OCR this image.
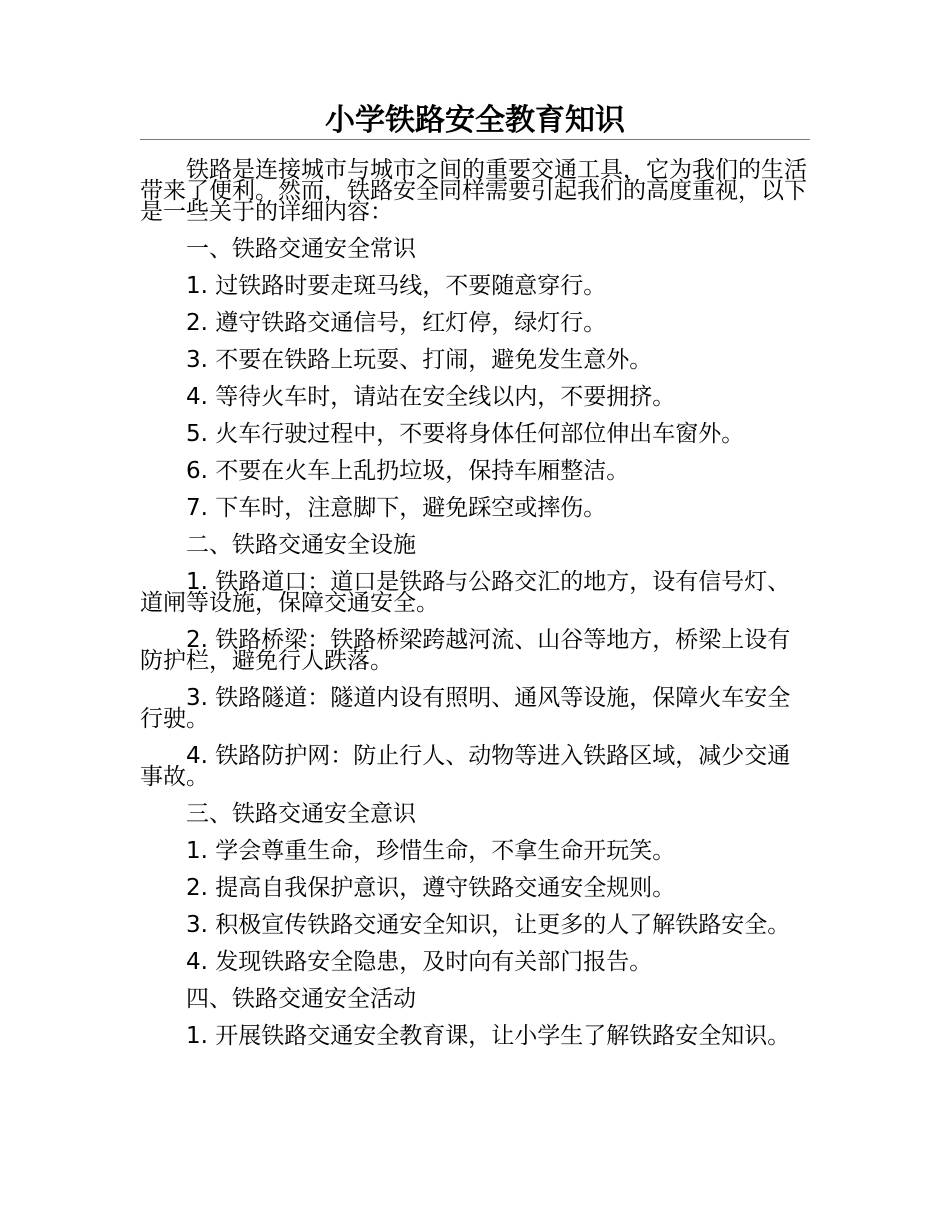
小学铁路安全教育知识

铁路是连接城市与城市之间的重要交通工具，它为我们的生活带来了便利。然而，铁路安全同样需要引起我们的高度重视，以下是一些关于的详细内容：

一、铁路交通安全常识

1. 过铁路时要走斑马线，不要随意穿行。

2. 遵守铁路交通信号，红灯停，绿灯行。

3. 不要在铁路上玩耍、打闹，避免发生意外。

4. 等待火车时，请站在安全线以内，不要拥挤。

5. 火车行驶过程中，不要将身体任何部位伸出车窗外。

6. 不要在火车上乱扔垃圾，保持车厢整洁。

7. 下车时，注意脚下，避免踩空或摔伤。

二、铁路交通安全设施

1. 铁路道口：道口是铁路与公路交汇的地方，设有信号灯、道闸等设施，保障交通安全。

2. 铁路桥梁：铁路桥梁跨越河流、山谷等地方，桥梁上设有防护栏，避免行人跌落。

3. 铁路隧道：隧道内设有照明、通风等设施，保障火车安全行驶。

4. 铁路防护网：防止行人、动物等进入铁路区域，减少交通事故。

三、铁路交通安全意识

1. 学会尊重生命，珍惜生命，不拿生命开玩笑。

2. 提高自我保护意识，遵守铁路交通安全规则。

3. 积极宣传铁路交通安全知识，让更多的人了解铁路安全。

4. 发现铁路安全隐患，及时向有关部门报告。

四、铁路交通安全活动

1. 开展铁路交通安全教育课，让小学生了解铁路安全知识。
